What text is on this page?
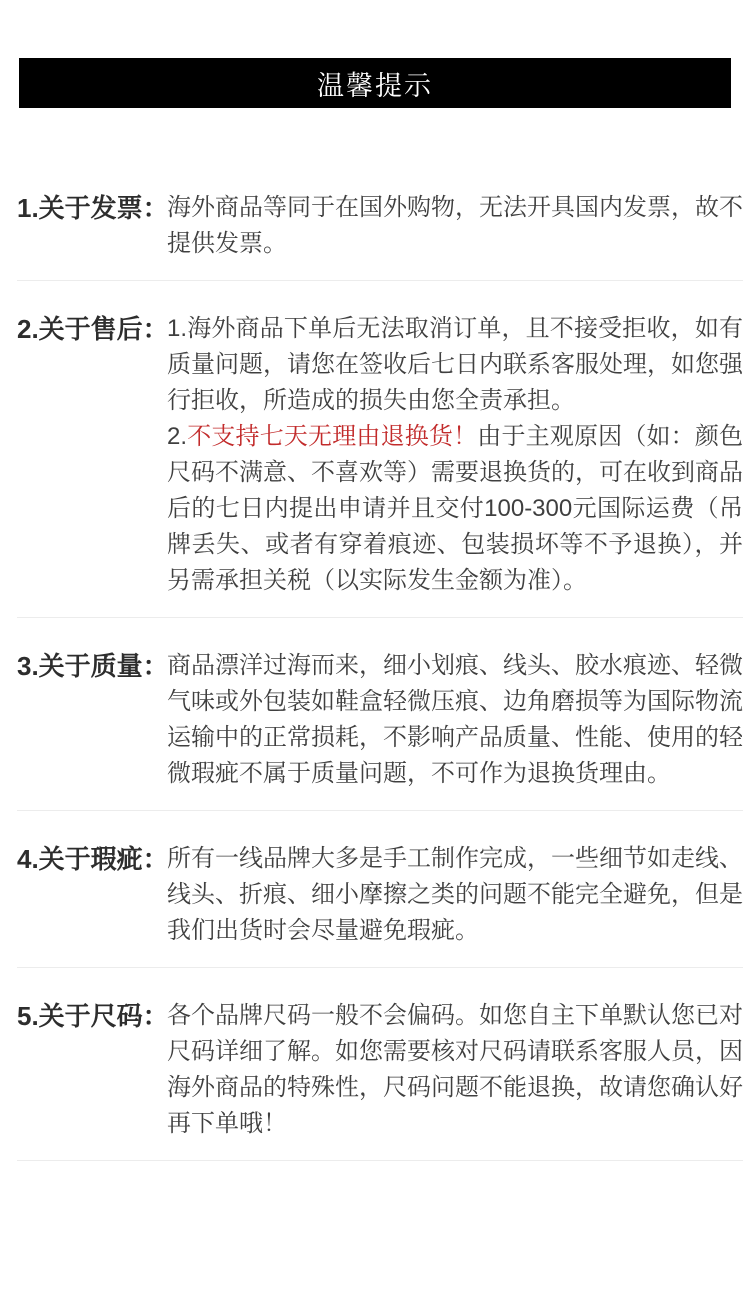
温馨提示
1.关于发票：

海外商品等同于在国外购物，无法开具国内发票，故不提供发票。

2.关于售后：

1.海外商品下单后无法取消订单，且不接受拒收，如有质量问题，请您在签收后七日内联系客服处理，如您强行拒收，所造成的损失由您全责承担。

2.不支持七天无理由退换货！由于主观原因（如：颜色尺码不满意、不喜欢等）需要退换货的，可在收到商品后的七日内提出申请并且交付100-300元国际运费（吊牌丢失、或者有穿着痕迹、包装损坏等不予退换），并另需承担关税（以实际发生金额为准）。

3.关于质量：

商品漂洋过海而来，细小划痕、线头、胶水痕迹、轻微气味或外包装如鞋盒轻微压痕、边角磨损等为国际物流运输中的正常损耗，不影响产品质量、性能、使用的轻微瑕疵不属于质量问题，不可作为退换货理由。

4.关于瑕疵：

所有一线品牌大多是手工制作完成，一些细节如走线、线头、折痕、细小摩擦之类的问题不能完全避免，但是我们出货时会尽量避免瑕疵。

5.关于尺码：

各个品牌尺码一般不会偏码。如您自主下单默认您已对尺码详细了解。如您需要核对尺码请联系客服人员，因海外商品的特殊性，尺码问题不能退换，故请您确认好再下单哦！
